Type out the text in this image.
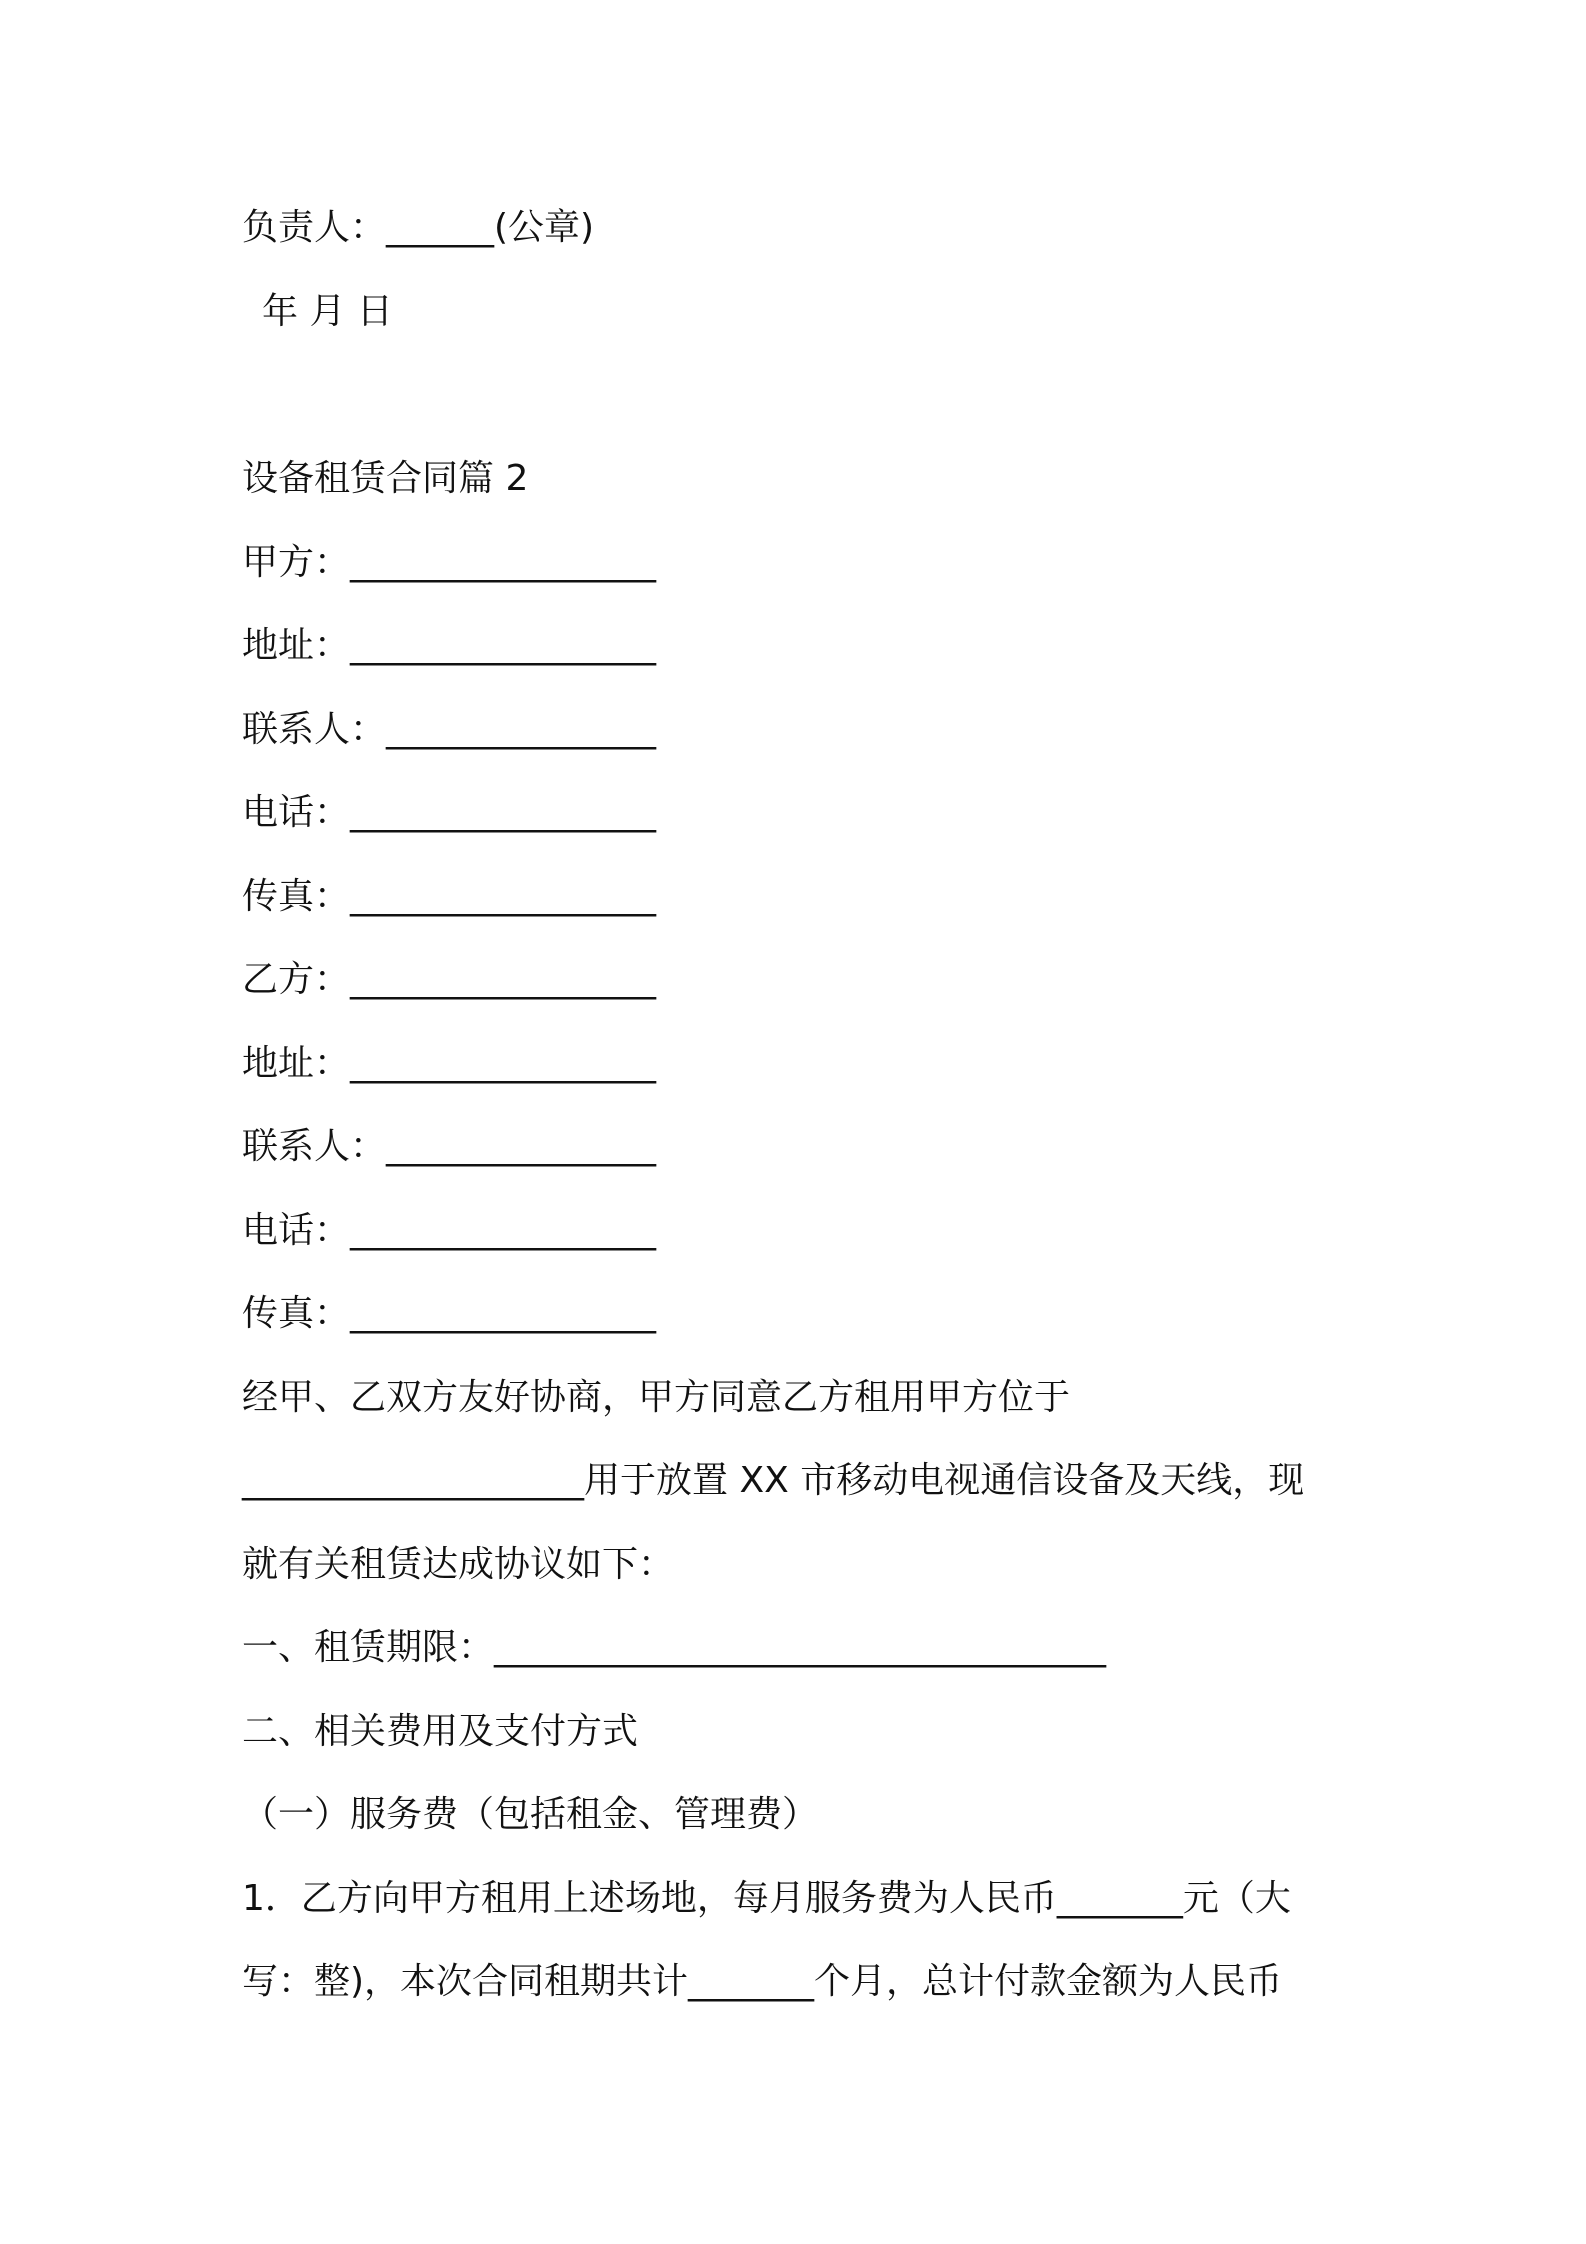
负责人：______(公章)
年 月 日
设备租赁合同篇 2
甲方：_________________
地址：_________________
联系人：_______________
电话：_________________
传真：_________________
乙方：_________________
地址：_________________
联系人：_______________
电话：_________________
传真：_________________
经甲、乙双方友好协商，甲方同意乙方租用甲方位于
___________________用于放置 XX 市移动电视通信设备及天线，现
就有关租赁达成协议如下：
一、租赁期限：__________________________________
二、相关费用及支付方式
（一）服务费（包括租金、管理费）
1．乙方向甲方租用上述场地，每月服务费为人民币_______元（大
写：整)，本次合同租期共计_______个月，总计付款金额为人民币
